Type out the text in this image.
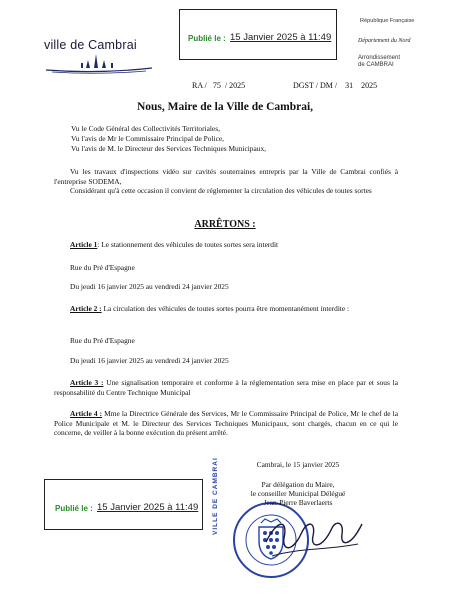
ville de Cambrai	Publié le : 15 Janvier 2025 à 11:49
République Française
Département du Nord
Arrondissement
de CAMBRAI
RA /   75  / 2025	DGST / DM /    31    2025
Nous, Maire de la Ville de Cambrai,
Vu le Code Général des Collectivités Territoriales,
Vu l'avis de Mr le Commissaire Principal de Police,
Vu l'avis de M. le Directeur des Services Techniques Municipaux,
Vu les travaux d'inspections vidéo sur cavités souterraines entrepris par la Ville de Cambrai confiés à l'entreprise SODEMA,
Considérant qu'à cette occasion il convient de réglementer la circulation des véhicules de toutes sortes
ARRÊTONS :
Article 1: Le stationnement des véhicules de toutes sortes sera interdit
Rue du Pré d'Espagne
Du jeudi 16 janvier 2025 au vendredi 24 janvier 2025
Article 2 : La circulation des véhicules de toutes sortes pourra être momentanément interdite :
Rue du Pré d'Espagne
Du jeudi 16 janvier 2025 au vendredi 24 janvier 2025
Article 3 : Une signalisation temporaire et conforme à la réglementation sera mise en place par et sous la responsabilité du Centre Technique Municipal
Article 4 : Mme la Directrice Générale des Services, Mr le Commissaire Principal de Police, Mr le chef de la Police Municipale et M. le Directeur des Services Techniques Municipaux, sont chargés, chacun en ce qui le concerne, de veiller à la bonne exécution du présent arrêté.
Cambrai, le 15 janvier 2025
VILLE DE CAMBRAI	Par délégation du Maire,
le conseiller Municipal Délégué
Jean-Pierre Baverlaerts
Publié le : 15 Janvier 2025 à 11:49
